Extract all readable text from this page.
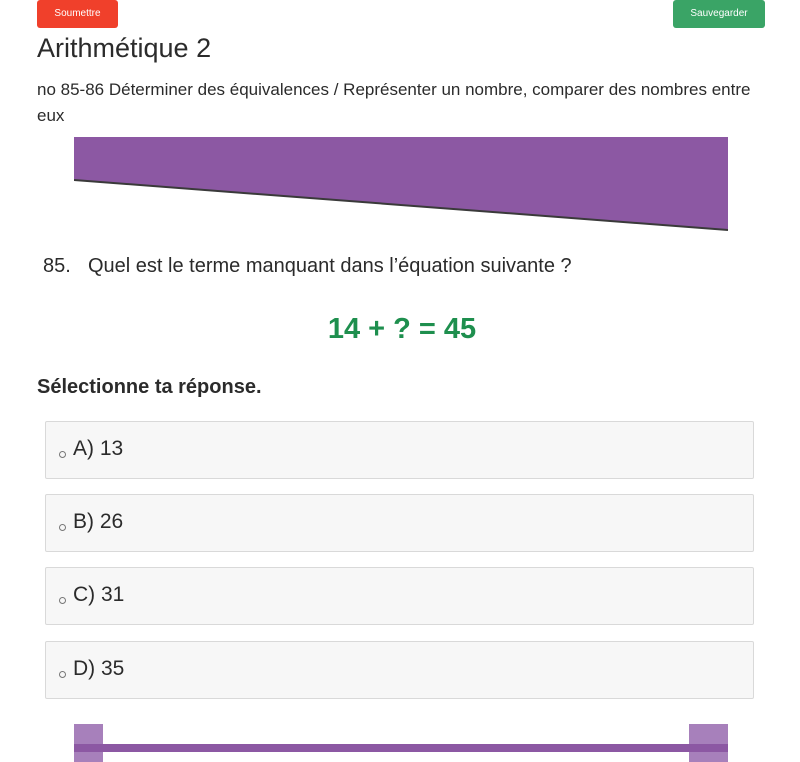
Soumettre	Sauvegarder
Arithmétique 2
no 85-86 Déterminer des équivalences / Représenter un nombre, comparer des nombres entre eux
85. Quel est le terme manquant dans l’équation suivante ?
14 + ? = 45
Sélectionne ta réponse.
A) 13
B) 26
C) 31
D) 35
